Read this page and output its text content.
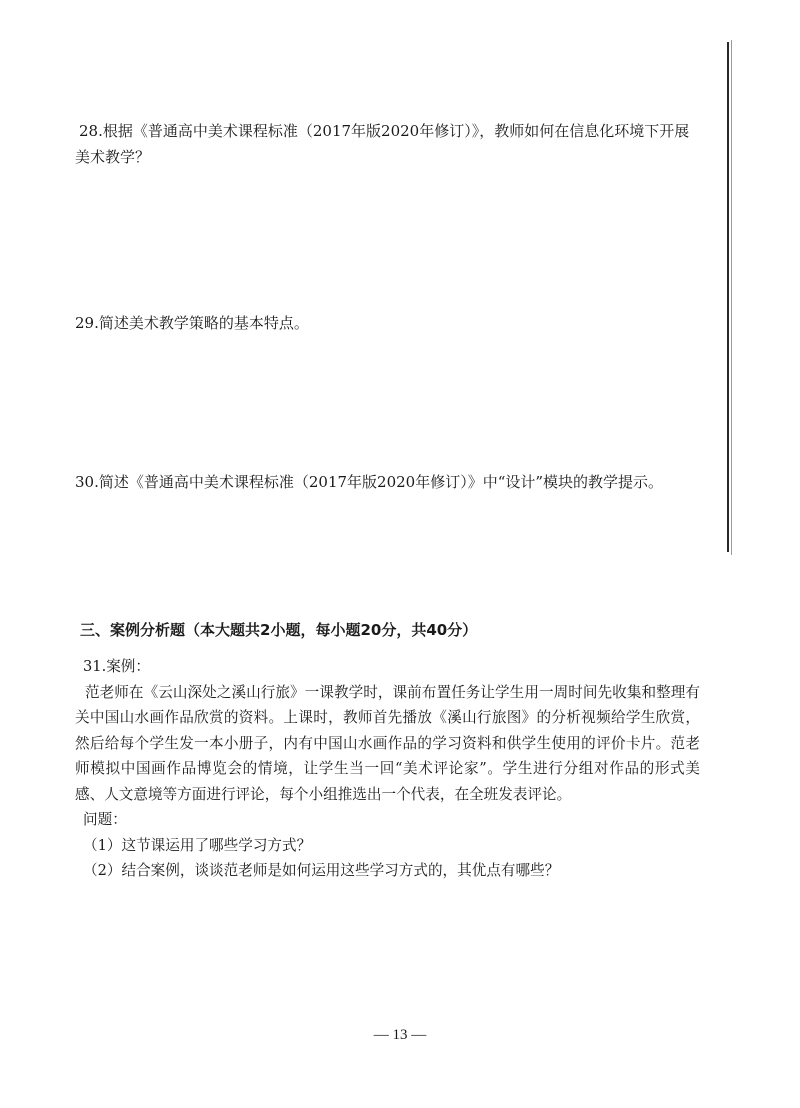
28.根据《普通高中美术课程标准（2017年版2020年修订）》，教师如何在信息化环境下开展美术教学？
29.简述美术教学策略的基本特点。
30.简述《普通高中美术课程标准（2017年版2020年修订）》中“设计”模块的教学提示。
三、案例分析题（本大题共2小题，每小题20分，共40分）
31.案例：
范老师在《云山深处之溪山行旅》一课教学时，课前布置任务让学生用一周时间先收集和整理有关中国山水画作品欣赏的资料。上课时，教师首先播放《溪山行旅图》的分析视频给学生欣赏，然后给每个学生发一本小册子，内有中国山水画作品的学习资料和供学生使用的评价卡片。范老师模拟中国画作品博览会的情境，让学生当一回“美术评论家”。学生进行分组对作品的形式美感、人文意境等方面进行评论，每个小组推选出一个代表，在全班发表评论。
问题：
（1）这节课运用了哪些学习方式？
（2）结合案例，谈谈范老师是如何运用这些学习方式的，其优点有哪些？
— 13 —
